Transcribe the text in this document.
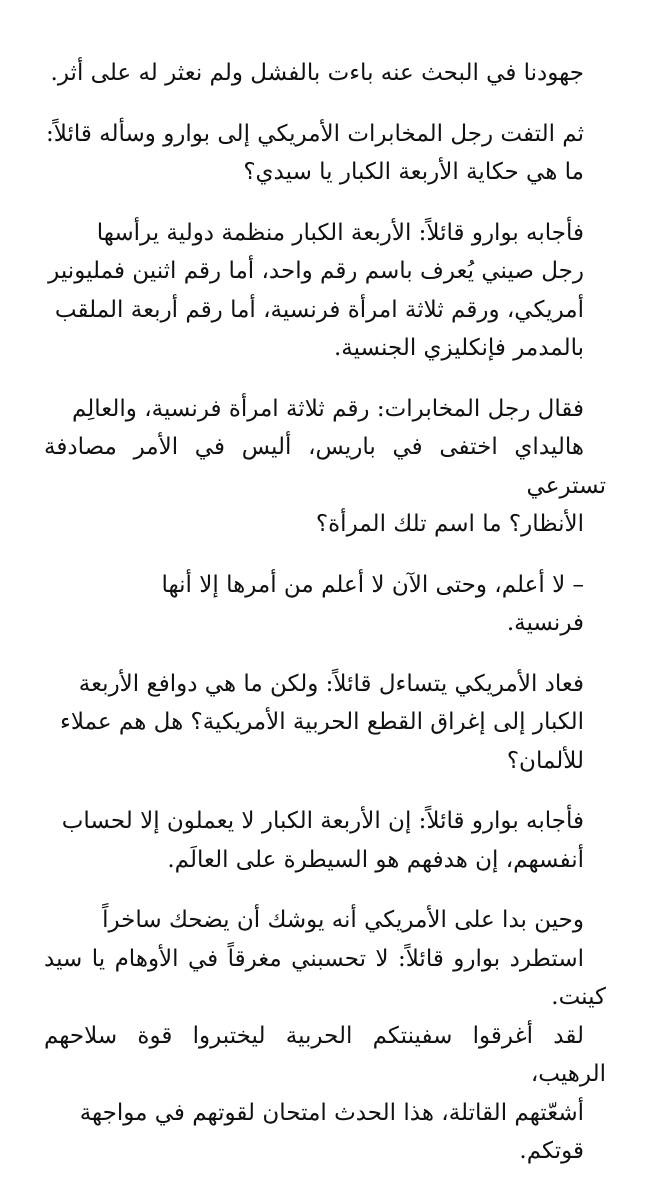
جهودنا في البحث عنه باءت بالفشل ولم نعثر له على أثر.

ثم التفت رجل المخابرات الأمريكي إلى بوارو وسأله قائلاً:
ما هي حكاية الأربعة الكبار يا سيدي؟

فأجابه بوارو قائلاً: الأربعة الكبار منظمة دولية يرأسها
رجل صيني يُعرف باسم رقم واحد، أما رقم اثنين فمليونير
أمريكي، ورقم ثلاثة امرأة فرنسية، أما رقم أربعة الملقب
بالمدمر فإنكليزي الجنسية.

فقال رجل المخابرات: رقم ثلاثة امرأة فرنسية، والعالِم
هاليداي اختفى في باريس، أليس في الأمر مصادفة تسترعي
الأنظار؟ ما اسم تلك المرأة؟

– لا أعلم، وحتى الآن لا أعلم من أمرها إلا أنها
فرنسية.

فعاد الأمريكي يتساءل قائلاً: ولكن ما هي دوافع الأربعة
الكبار إلى إغراق القطع الحربية الأمريكية؟ هل هم عملاء
للألمان؟

فأجابه بوارو قائلاً: إن الأربعة الكبار لا يعملون إلا لحساب
أنفسهم، إن هدفهم هو السيطرة على العالَم.

وحين بدا على الأمريكي أنه يوشك أن يضحك ساخراً
استطرد بوارو قائلاً: لا تحسبني مغرقاً في الأوهام يا سيد كينت.
لقد أغرقوا سفينتكم الحربية ليختبروا قوة سلاحهم الرهيب،
أشعّتهم القاتلة، هذا الحدث امتحان لقوتهم في مواجهة
قوتكم.
